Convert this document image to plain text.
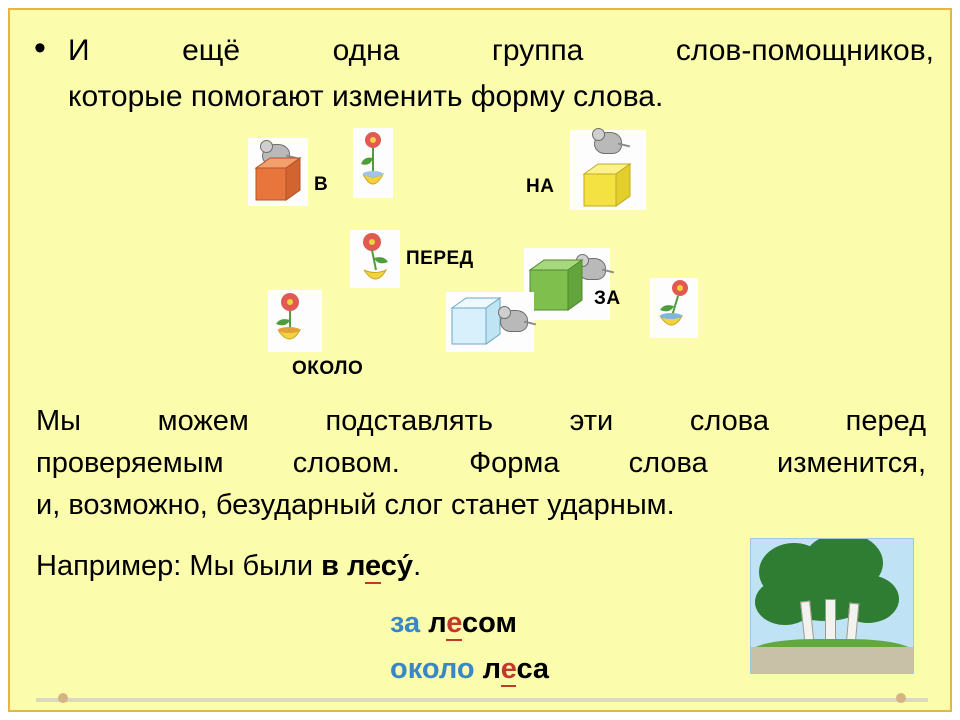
• И ещё одна группа слов-помощников,
которые помогают изменить форму слова.
В	НА
ПЕРЕД
ЗА
ОКОЛО
Мы можем подставлять эти слова перед
проверяемым словом. Форма слова изменится,
и, возможно, безударный слог станет ударным.
Например: Мы были в лесу́.
за лесом
около леса
